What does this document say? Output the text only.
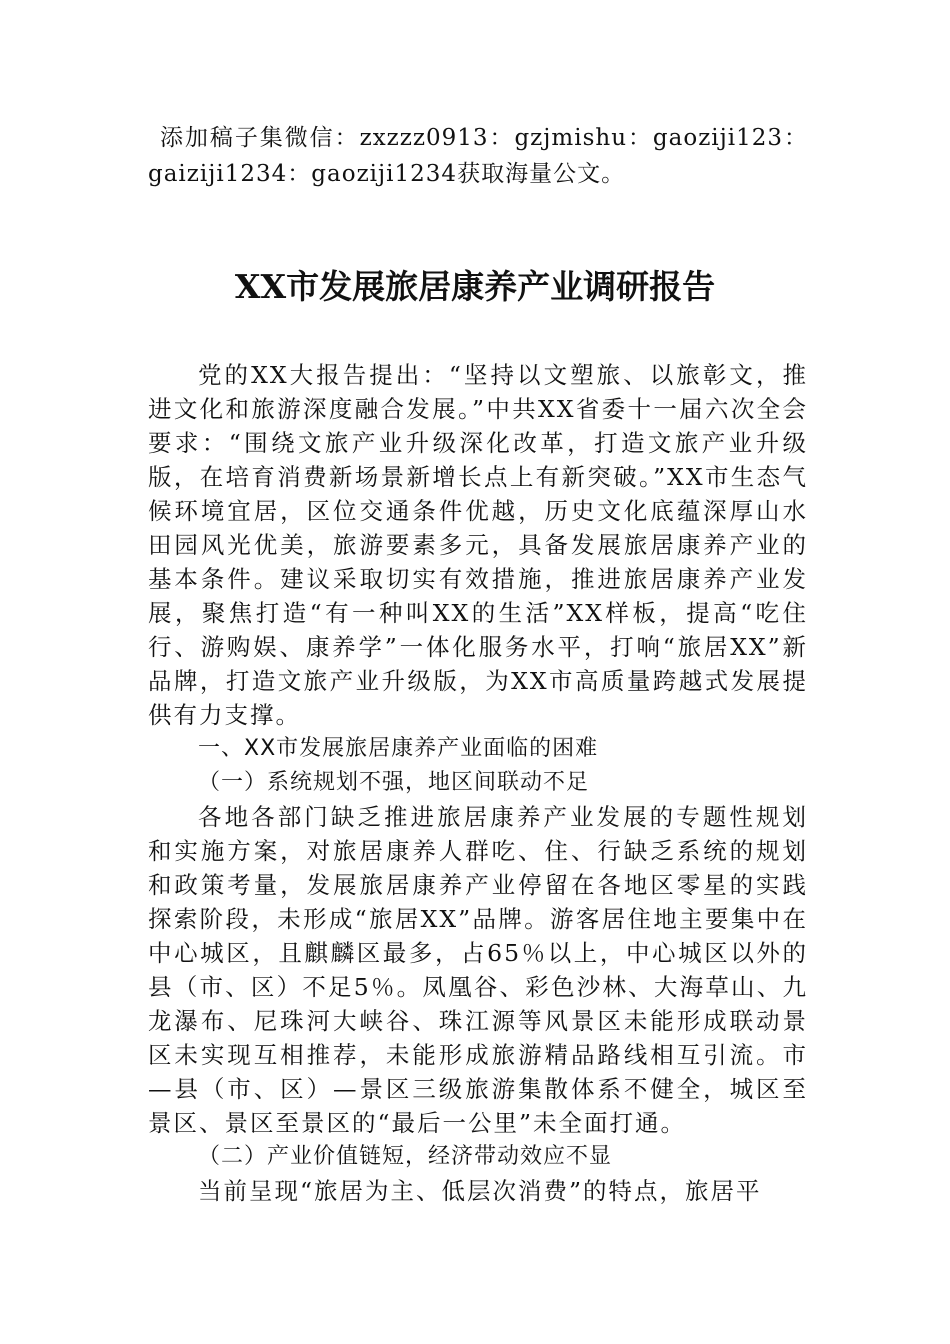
添加稿子集微信：zxzzz0913：gzjmishu：gaoziji123：gaiziji1234：gaoziji1234获取海量公文。
XX市发展旅居康养产业调研报告

党的XX大报告提出：“坚持以文塑旅、以旅彰文，推进文化和旅游深度融合发展。”中共XX省委十一届六次全会要求：“围绕文旅产业升级深化改革，打造文旅产业升级版，在培育消费新场景新增长点上有新突破。”XX市生态气候环境宜居，区位交通条件优越，历史文化底蕴深厚山水田园风光优美，旅游要素多元，具备发展旅居康养产业的基本条件。建议采取切实有效措施，推进旅居康养产业发展，聚焦打造“有一种叫XX的生活”XX样板，提高“吃住行、游购娱、康养学”一体化服务水平，打响“旅居XX”新品牌，打造文旅产业升级版，为XX市高质量跨越式发展提供有力支撑。

一、XX市发展旅居康养产业面临的困难

（一）系统规划不强，地区间联动不足

各地各部门缺乏推进旅居康养产业发展的专题性规划和实施方案，对旅居康养人群吃、住、行缺乏系统的规划和政策考量，发展旅居康养产业停留在各地区零星的实践探索阶段，未形成“旅居XX”品牌。游客居住地主要集中在中心城区，且麒麟区最多，占65％以上，中心城区以外的县（市、区）不足5％。凤凰谷、彩色沙林、大海草山、九龙瀑布、尼珠河大峡谷、珠江源等风景区未能形成联动景区未实现互相推荐，未能形成旅游精品路线相互引流。市—县（市、区）—景区三级旅游集散体系不健全，城区至景区、景区至景区的“最后一公里”未全面打通。

（二）产业价值链短，经济带动效应不显

当前呈现“旅居为主、低层次消费”的特点，旅居平
